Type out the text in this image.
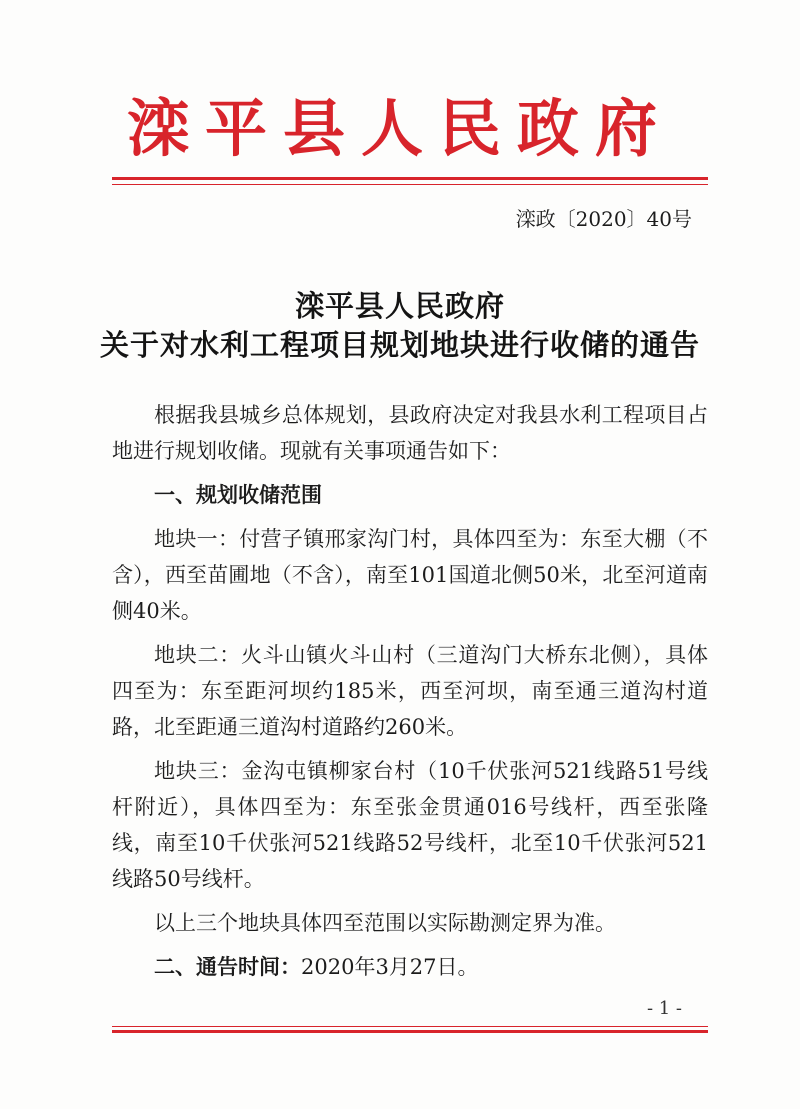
滦平县人民政府
滦政〔2020〕40号
滦平县人民政府
关于对水利工程项目规划地块进行收储的通告

根据我县城乡总体规划，县政府决定对我县水利工程项目占地进行规划收储。现就有关事项通告如下：

一、规划收储范围

地块一：付营子镇邢家沟门村，具体四至为：东至大棚（不含），西至苗圃地（不含），南至101国道北侧50米，北至河道南侧40米。

地块二：火斗山镇火斗山村（三道沟门大桥东北侧），具体四至为：东至距河坝约185米，西至河坝，南至通三道沟村道路，北至距通三道沟村道路约260米。

地块三：金沟屯镇柳家台村（10千伏张河521线路51号线杆附近），具体四至为：东至张金贯通016号线杆，西至张隆线，南至10千伏张河521线路52号线杆，北至10千伏张河521线路50号线杆。

以上三个地块具体四至范围以实际勘测定界为准。

二、通告时间：2020年3月27日。

- 1 -
